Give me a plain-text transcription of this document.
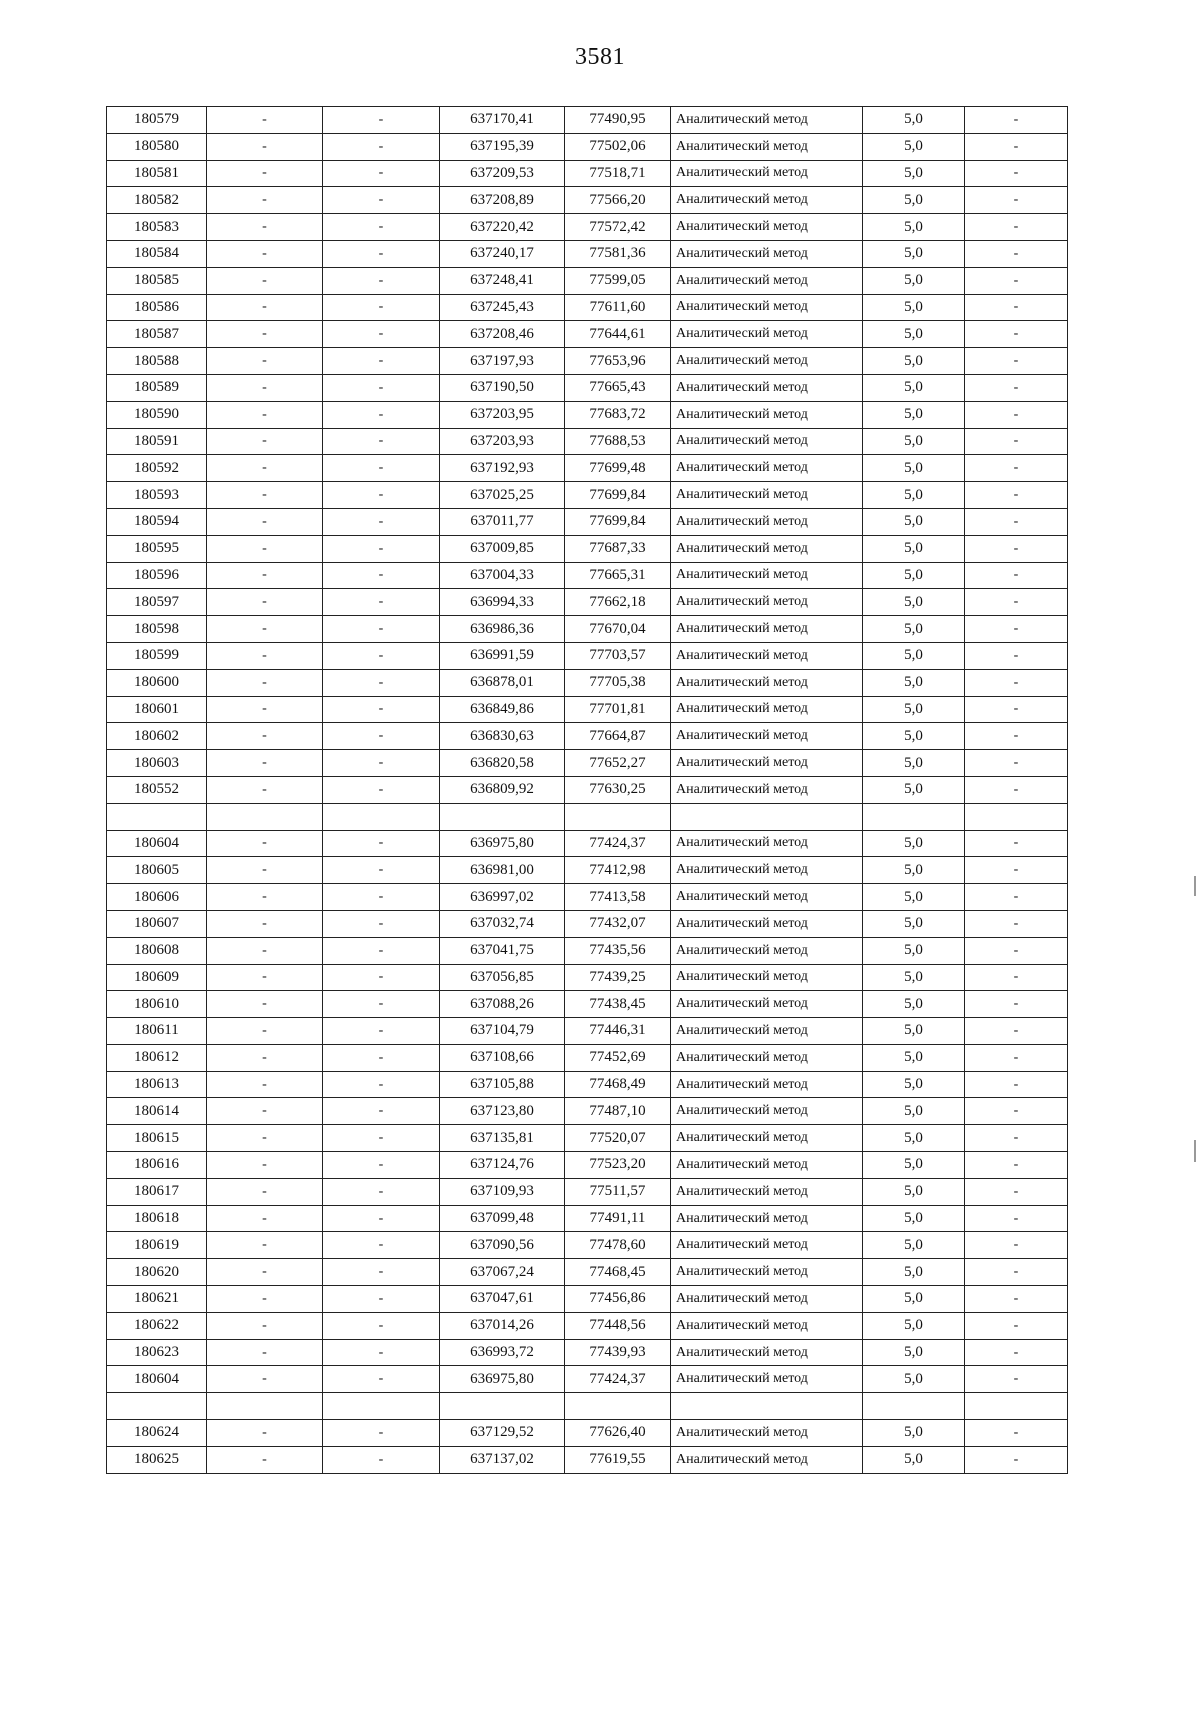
3581
180579	-	-	637170,41	77490,95	Аналитический метод	5,0	-
180580	-	-	637195,39	77502,06	Аналитический метод	5,0	-
180581	-	-	637209,53	77518,71	Аналитический метод	5,0	-
180582	-	-	637208,89	77566,20	Аналитический метод	5,0	-
180583	-	-	637220,42	77572,42	Аналитический метод	5,0	-
180584	-	-	637240,17	77581,36	Аналитический метод	5,0	-
180585	-	-	637248,41	77599,05	Аналитический метод	5,0	-
180586	-	-	637245,43	77611,60	Аналитический метод	5,0	-
180587	-	-	637208,46	77644,61	Аналитический метод	5,0	-
180588	-	-	637197,93	77653,96	Аналитический метод	5,0	-
180589	-	-	637190,50	77665,43	Аналитический метод	5,0	-
180590	-	-	637203,95	77683,72	Аналитический метод	5,0	-
180591	-	-	637203,93	77688,53	Аналитический метод	5,0	-
180592	-	-	637192,93	77699,48	Аналитический метод	5,0	-
180593	-	-	637025,25	77699,84	Аналитический метод	5,0	-
180594	-	-	637011,77	77699,84	Аналитический метод	5,0	-
180595	-	-	637009,85	77687,33	Аналитический метод	5,0	-
180596	-	-	637004,33	77665,31	Аналитический метод	5,0	-
180597	-	-	636994,33	77662,18	Аналитический метод	5,0	-
180598	-	-	636986,36	77670,04	Аналитический метод	5,0	-
180599	-	-	636991,59	77703,57	Аналитический метод	5,0	-
180600	-	-	636878,01	77705,38	Аналитический метод	5,0	-
180601	-	-	636849,86	77701,81	Аналитический метод	5,0	-
180602	-	-	636830,63	77664,87	Аналитический метод	5,0	-
180603	-	-	636820,58	77652,27	Аналитический метод	5,0	-
180552	-	-	636809,92	77630,25	Аналитический метод	5,0	-

180604	-	-	636975,80	77424,37	Аналитический метод	5,0	-
180605	-	-	636981,00	77412,98	Аналитический метод	5,0	-
180606	-	-	636997,02	77413,58	Аналитический метод	5,0	-
180607	-	-	637032,74	77432,07	Аналитический метод	5,0	-
180608	-	-	637041,75	77435,56	Аналитический метод	5,0	-
180609	-	-	637056,85	77439,25	Аналитический метод	5,0	-
180610	-	-	637088,26	77438,45	Аналитический метод	5,0	-
180611	-	-	637104,79	77446,31	Аналитический метод	5,0	-
180612	-	-	637108,66	77452,69	Аналитический метод	5,0	-
180613	-	-	637105,88	77468,49	Аналитический метод	5,0	-
180614	-	-	637123,80	77487,10	Аналитический метод	5,0	-
180615	-	-	637135,81	77520,07	Аналитический метод	5,0	-
180616	-	-	637124,76	77523,20	Аналитический метод	5,0	-
180617	-	-	637109,93	77511,57	Аналитический метод	5,0	-
180618	-	-	637099,48	77491,11	Аналитический метод	5,0	-
180619	-	-	637090,56	77478,60	Аналитический метод	5,0	-
180620	-	-	637067,24	77468,45	Аналитический метод	5,0	-
180621	-	-	637047,61	77456,86	Аналитический метод	5,0	-
180622	-	-	637014,26	77448,56	Аналитический метод	5,0	-
180623	-	-	636993,72	77439,93	Аналитический метод	5,0	-
180604	-	-	636975,80	77424,37	Аналитический метод	5,0	-

180624	-	-	637129,52	77626,40	Аналитический метод	5,0	-
180625	-	-	637137,02	77619,55	Аналитический метод	5,0	-
